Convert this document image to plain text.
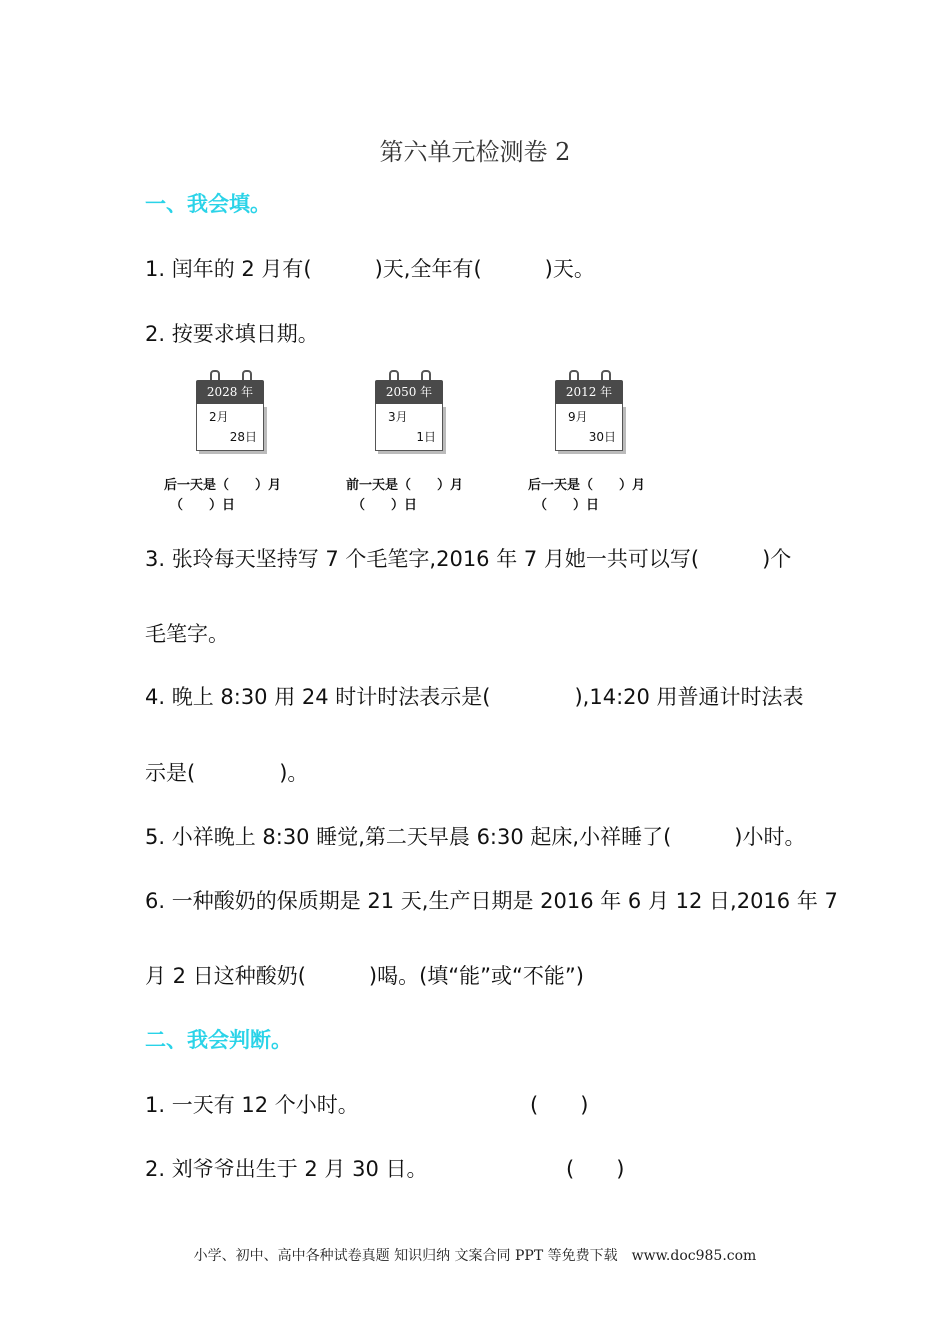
第六单元检测卷 2
一、我会填。
1. 闰年的 2 月有(　　　)天,全年有(　　　)天。
2. 按要求填日期。
2028 年
2月
28日
2050 年
3月
1日
2012 年
9月
30日
后一天是（　　）月
（　　）日
前一天是（　　）月
（　　）日
后一天是（　　）月
（　　）日
3. 张玲每天坚持写 7 个毛笔字,2016 年 7 月她一共可以写(　　　)个
毛笔字。
4. 晚上 8:30 用 24 时计时法表示是(　　　　),14:20 用普通计时法表
示是(　　　　)。
5. 小祥晚上 8:30 睡觉,第二天早晨 6:30 起床,小祥睡了(　　　)小时。
6. 一种酸奶的保质期是 21 天,生产日期是 2016 年 6 月 12 日,2016 年 7
月 2 日这种酸奶(　　　)喝。(填“能”或“不能”)
二、我会判断。
1. 一天有 12 个小时。	(　　)
2. 刘爷爷出生于 2 月 30 日。	(　　)
小学、初中、高中各种试卷真题 知识归纳 文案合同 PPT 等免费下载　www.doc985.com
